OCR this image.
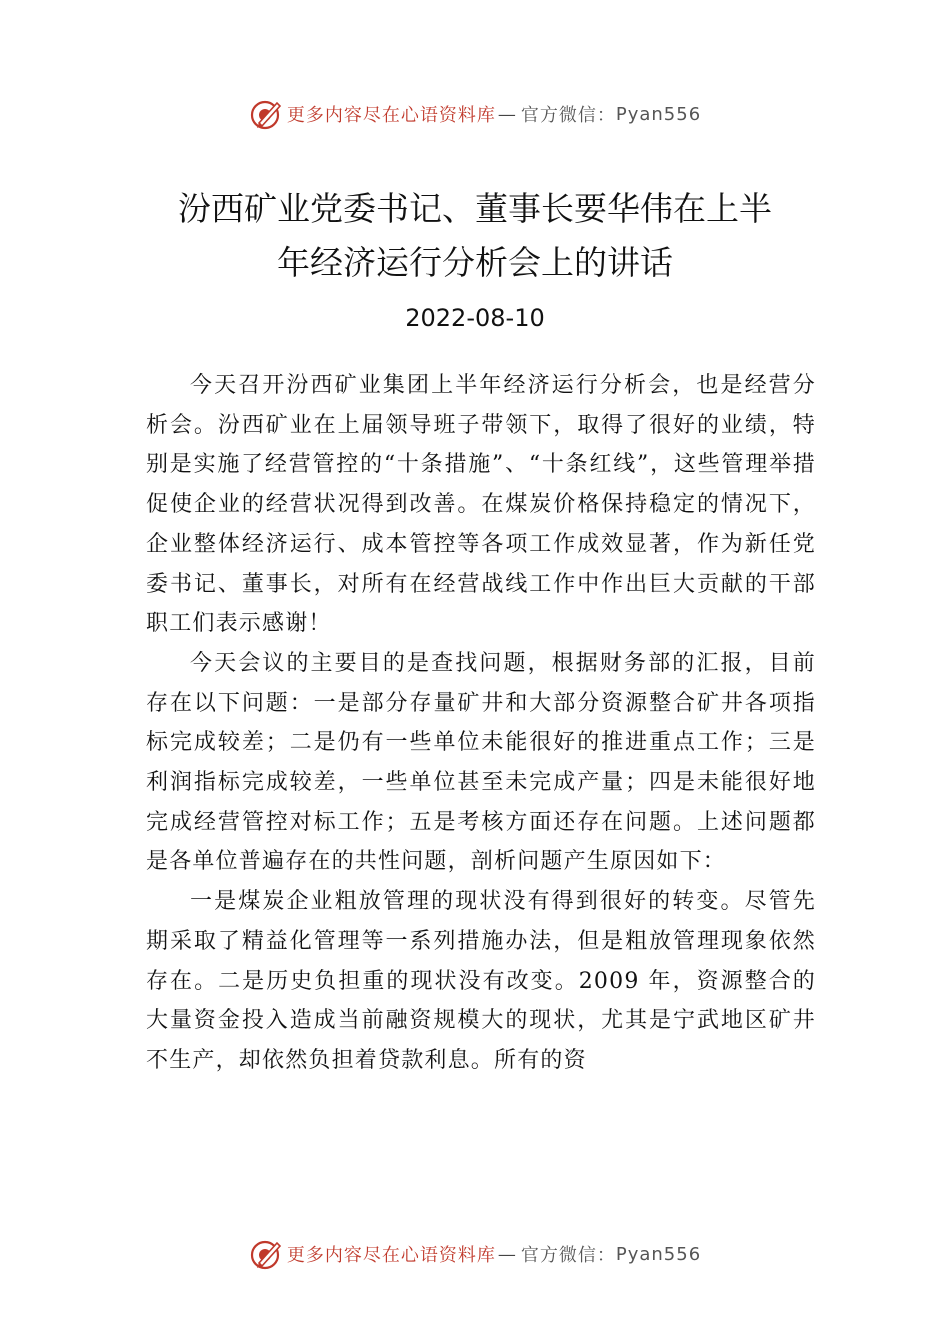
更多内容尽在心语资料库 — 官方微信： Pyan556
汾西矿业党委书记、董事长要华伟在上半
年经济运行分析会上的讲话
2022-08-10

今天召开汾西矿业集团上半年经济运行分析会，也是经营分析会。汾西矿业在上届领导班子带领下，取得了很好的业绩，特别是实施了经营管控的“十条措施”、“十条红线”，这些管理举措促使企业的经营状况得到改善。在煤炭价格保持稳定的情况下，企业整体经济运行、成本管控等各项工作成效显著，作为新任党委书记、董事长，对所有在经营战线工作中作出巨大贡献的干部职工们表示感谢！

今天会议的主要目的是查找问题，根据财务部的汇报，目前存在以下问题：一是部分存量矿井和大部分资源整合矿井各项指标完成较差；二是仍有一些单位未能很好的推进重点工作；三是利润指标完成较差，一些单位甚至未完成产量；四是未能很好地完成经营管控对标工作；五是考核方面还存在问题。上述问题都是各单位普遍存在的共性问题，剖析问题产生原因如下：

一是煤炭企业粗放管理的现状没有得到很好的转变。尽管先期采取了精益化管理等一系列措施办法，但是粗放管理现象依然存在。二是历史负担重的现状没有改变。2009 年，资源整合的大量资金投入造成当前融资规模大的现状，尤其是宁武地区矿井不生产，却依然负担着贷款利息。所有的资

更多内容尽在心语资料库 — 官方微信： Pyan556
